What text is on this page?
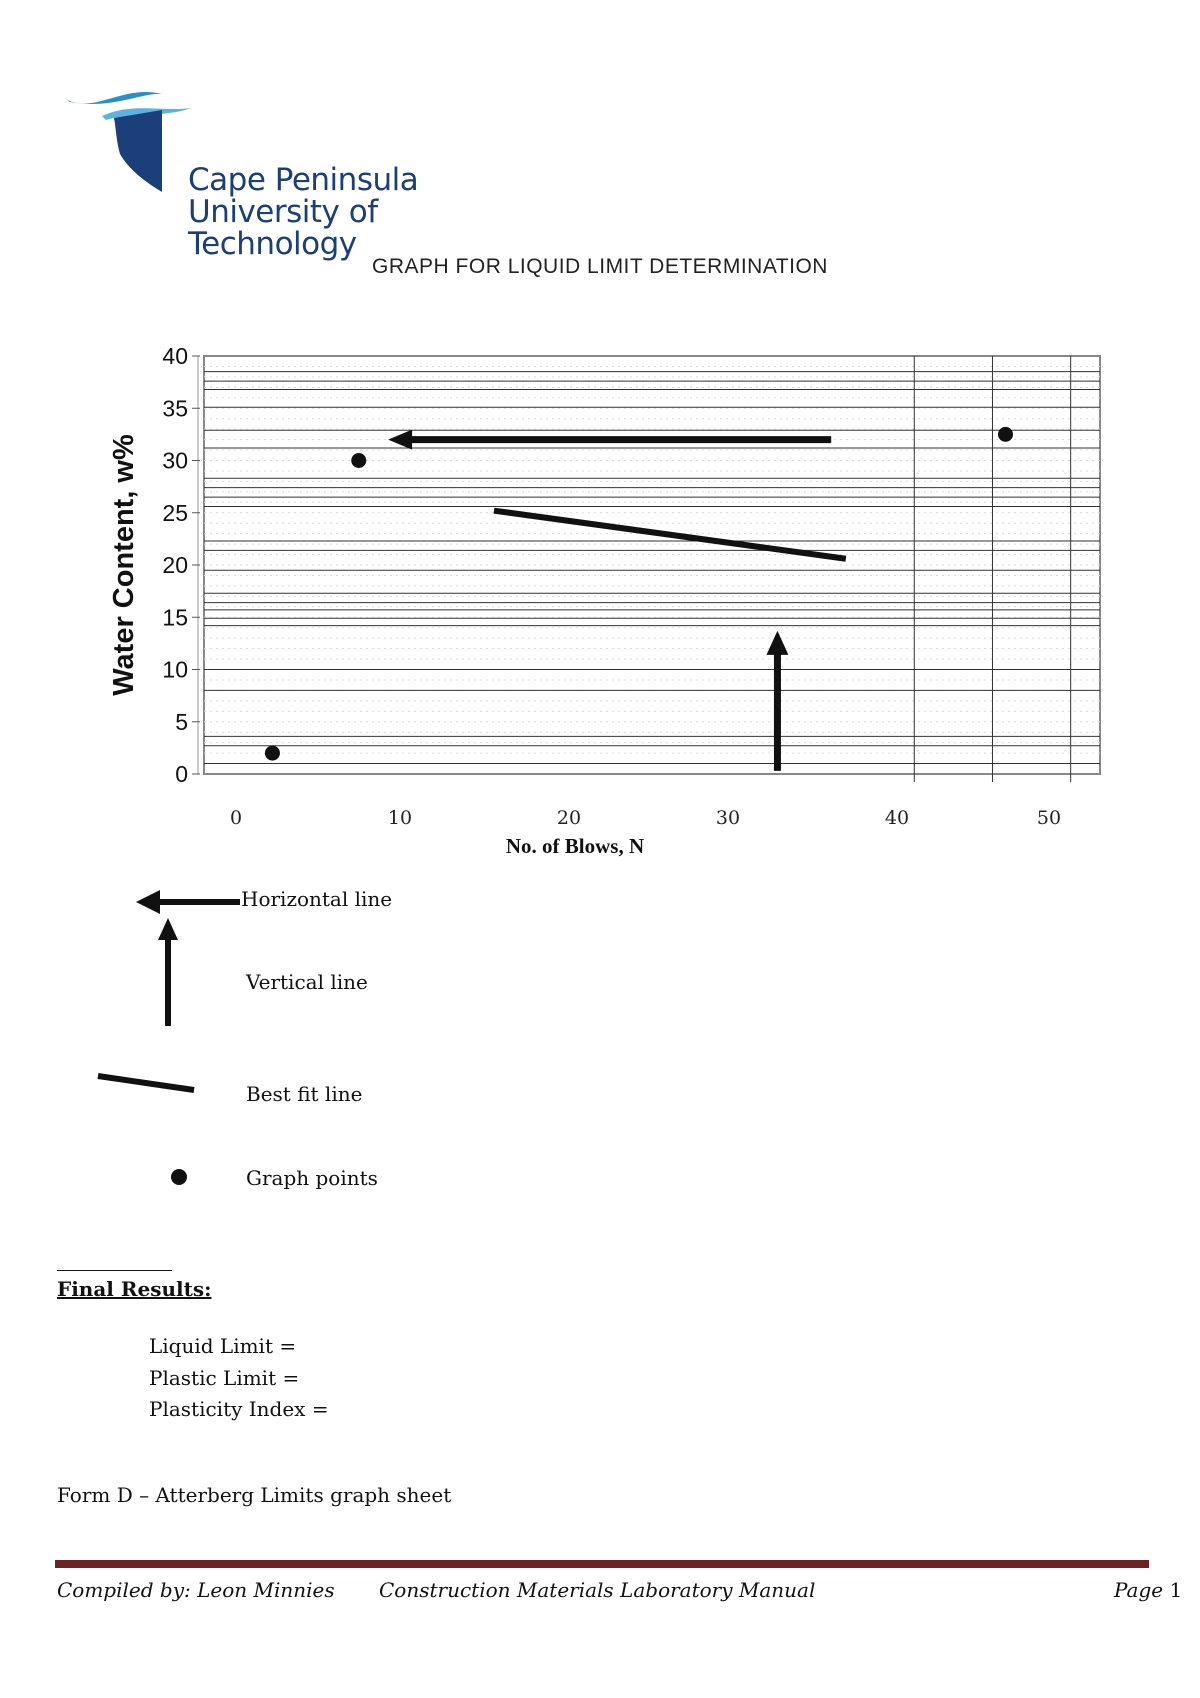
Cape Peninsula
University of Technology
GRAPH FOR LIQUID LIMIT DETERMINATION
0
5
10
15
20
25
30
35
40
0	10	20	30	40	50
No. of Blows, N
Water Content, w%
Horizontal line
Vertical line
Best fit line
Graph points
Final Results:
Liquid Limit =
Plastic Limit =
Plasticity Index =
Form D – Atterberg Limits graph sheet
Compiled by: Leon Minnies Construction Materials Laboratory Manual	Page 1
